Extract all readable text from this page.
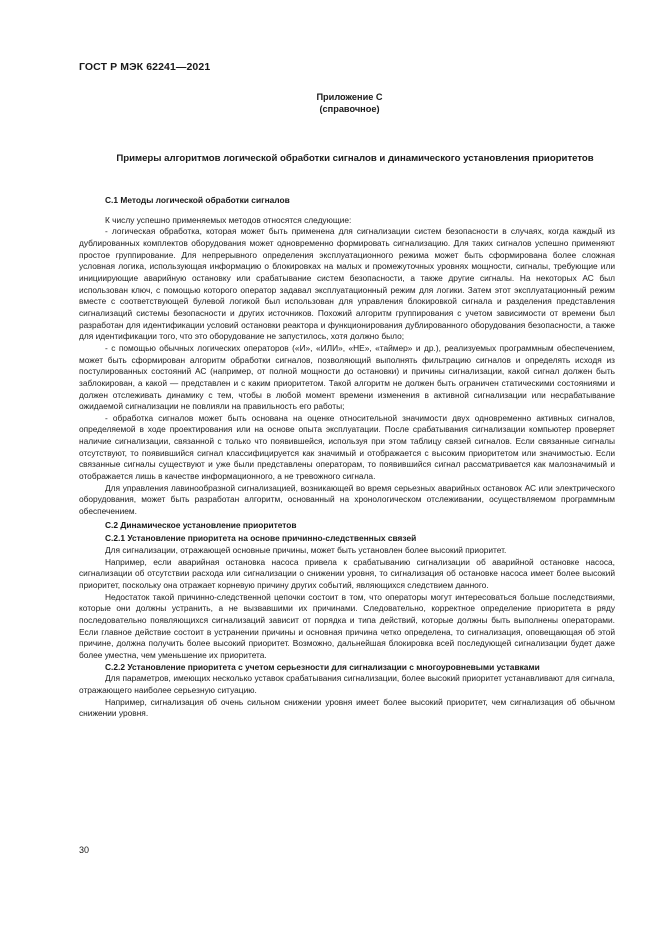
ГОСТ Р МЭК 62241—2021
Приложение С
(справочное)
Примеры алгоритмов логической обработки сигналов и динамического установления приоритетов
С.1 Методы логической обработки сигналов

К числу успешно применяемых методов относятся следующие:

- логическая обработка, которая может быть применена для сигнализации систем безопасности в случаях, когда каждый из дублированных комплектов оборудования может одновременно формировать сигнализацию. Для таких сигналов успешно применяют простое группирование. Для непрерывного определения эксплуатационного режима может быть сформирована более сложная условная логика, использующая информацию о блокировках на малых и промежуточных уровнях мощности, сигналы, требующие или инициирующие аварийную остановку или срабатывание систем безопасности, а также другие сигналы. На некоторых АС был использован ключ, с помощью которого оператор задавал эксплуатационный режим для логики. Затем этот эксплуатационный режим вместе с соответствующей булевой логикой был использован для управления блокировкой сигнала и разделения представления сигнализаций системы безопасности и других источников. Похожий алгоритм группирования с учетом зависимости от времени был разработан для идентификации условий остановки реактора и функционирования дублированного оборудования безопасности, а также для идентификации того, что это оборудование не запустилось, хотя должно было;

- с помощью обычных логических операторов («И», «ИЛИ», «НЕ», «таймер» и др.), реализуемых программным обеспечением, может быть сформирован алгоритм обработки сигналов, позволяющий выполнять фильтрацию сигналов и определять исходя из постулированных состояний АС (например, от полной мощности до остановки) и причины сигнализации, какой сигнал должен быть заблокирован, а какой — представлен и с каким приоритетом. Такой алгоритм не должен быть ограничен статическими состояниями и должен отслеживать динамику с тем, чтобы в любой момент времени изменения в активной сигнализации или несрабатывание ожидаемой сигнализации не повлияли на правильность его работы;

- обработка сигналов может быть основана на оценке относительной значимости двух одновременно активных сигналов, определяемой в ходе проектирования или на основе опыта эксплуатации. После срабатывания сигнализации компьютер проверяет наличие сигнализации, связанной с только что появившейся, используя при этом таблицу связей сигналов. Если связанные сигналы отсутствуют, то появившийся сигнал классифицируется как значимый и отображается с высоким приоритетом или значимостью. Если связанные сигналы существуют и уже были представлены операторам, то появившийся сигнал рассматривается как малозначимый и отображается лишь в качестве информационного, а не тревожного сигнала.

Для управления лавинообразной сигнализацией, возникающей во время серьезных аварийных остановок АС или электрического оборудования, может быть разработан алгоритм, основанный на хронологическом отслеживании, осуществляемом программным обеспечением.

С.2 Динамическое установление приоритетов
С.2.1 Установление приоритета на основе причинно-следственных связей

Для сигнализации, отражающей основные причины, может быть установлен более высокий приоритет.

Например, если аварийная остановка насоса привела к срабатыванию сигнализации об аварийной остановке насоса, сигнализации об отсутствии расхода или сигнализации о снижении уровня, то сигнализация об остановке насоса имеет более высокий приоритет, поскольку она отражает корневую причину других событий, являющихся следствием данного.

Недостаток такой причинно-следственной цепочки состоит в том, что операторы могут интересоваться больше последствиями, которые они должны устранить, а не вызвавшими их причинами. Следовательно, корректное определение приоритета в ряду последовательно появляющихся сигнализаций зависит от порядка и типа действий, которые должны быть выполнены операторами. Если главное действие состоит в устранении причины и основная причина четко определена, то сигнализация, оповещающая об этой причине, должна получить более высокий приоритет. Возможно, дальнейшая блокировка всей последующей сигнализации будет даже более уместна, чем уменьшение их приоритета.

С.2.2 Установление приоритета с учетом серьезности для сигнализации с многоуровневыми уставками

Для параметров, имеющих несколько уставок срабатывания сигнализации, более высокий приоритет устанавливают для сигнала, отражающего наиболее серьезную ситуацию.

Например, сигнализация об очень сильном снижении уровня имеет более высокий приоритет, чем сигнализация об обычном снижении уровня.

30
